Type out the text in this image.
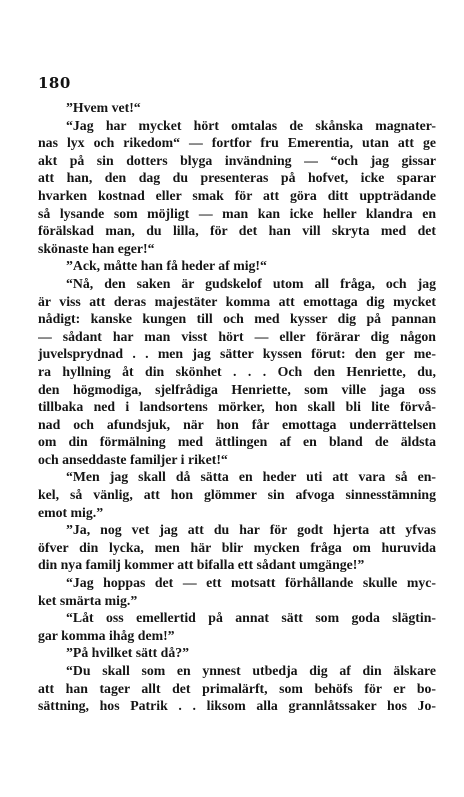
180
”Hvem vet!“
“Jag har mycket hört omtalas de skånska magnater-
nas lyx och rikedom“ — fortfor fru Emerentia, utan att ge
akt på sin dotters blyga invändning — “och jag gissar
att han, den dag du presenteras på hofvet, icke sparar
hvarken kostnad eller smak för att göra ditt uppträdande
så lysande som möjligt — man kan icke heller klandra en
förälskad man, du lilla, för det han vill skryta med det
skönaste han eger!“
”Ack, måtte han få heder af mig!“
“Nå, den saken är gudskelof utom all fråga, och jag
är viss att deras majestäter komma att emottaga dig mycket
nådigt: kanske kungen till och med kysser dig på pannan
— sådant har man visst hört — eller förärar dig någon
juvelsprydnad . . men jag sätter kyssen förut: den ger me-
ra hyllning åt din skönhet . . . Och den Henriette, du,
den högmodiga, sjelfrådiga Henriette, som ville jaga oss
tillbaka ned i landsortens mörker, hon skall bli lite förvå-
nad och afundsjuk, när hon får emottaga underrättelsen
om din förmälning med ättlingen af en bland de äldsta
och anseddaste familjer i riket!“
“Men jag skall då sätta en heder uti att vara så en-
kel, så vänlig, att hon glömmer sin afvoga sinnesstämning
emot mig.”
”Ja, nog vet jag att du har för godt hjerta att yfvas
öfver din lycka, men här blir mycken fråga om huruvida
din nya familj kommer att bifalla ett sådant umgänge!”
“Jag hoppas det — ett motsatt förhållande skulle myc-
ket smärta mig.”
“Låt oss emellertid på annat sätt som goda slägtin-
gar komma ihåg dem!”
”På hvilket sätt då?”
“Du skall som en ynnest utbedja dig af din älskare
att han tager allt det primalärft, som behöfs för er bo-
sättning, hos Patrik . . liksom alla grannlåtssaker hos Jo-
